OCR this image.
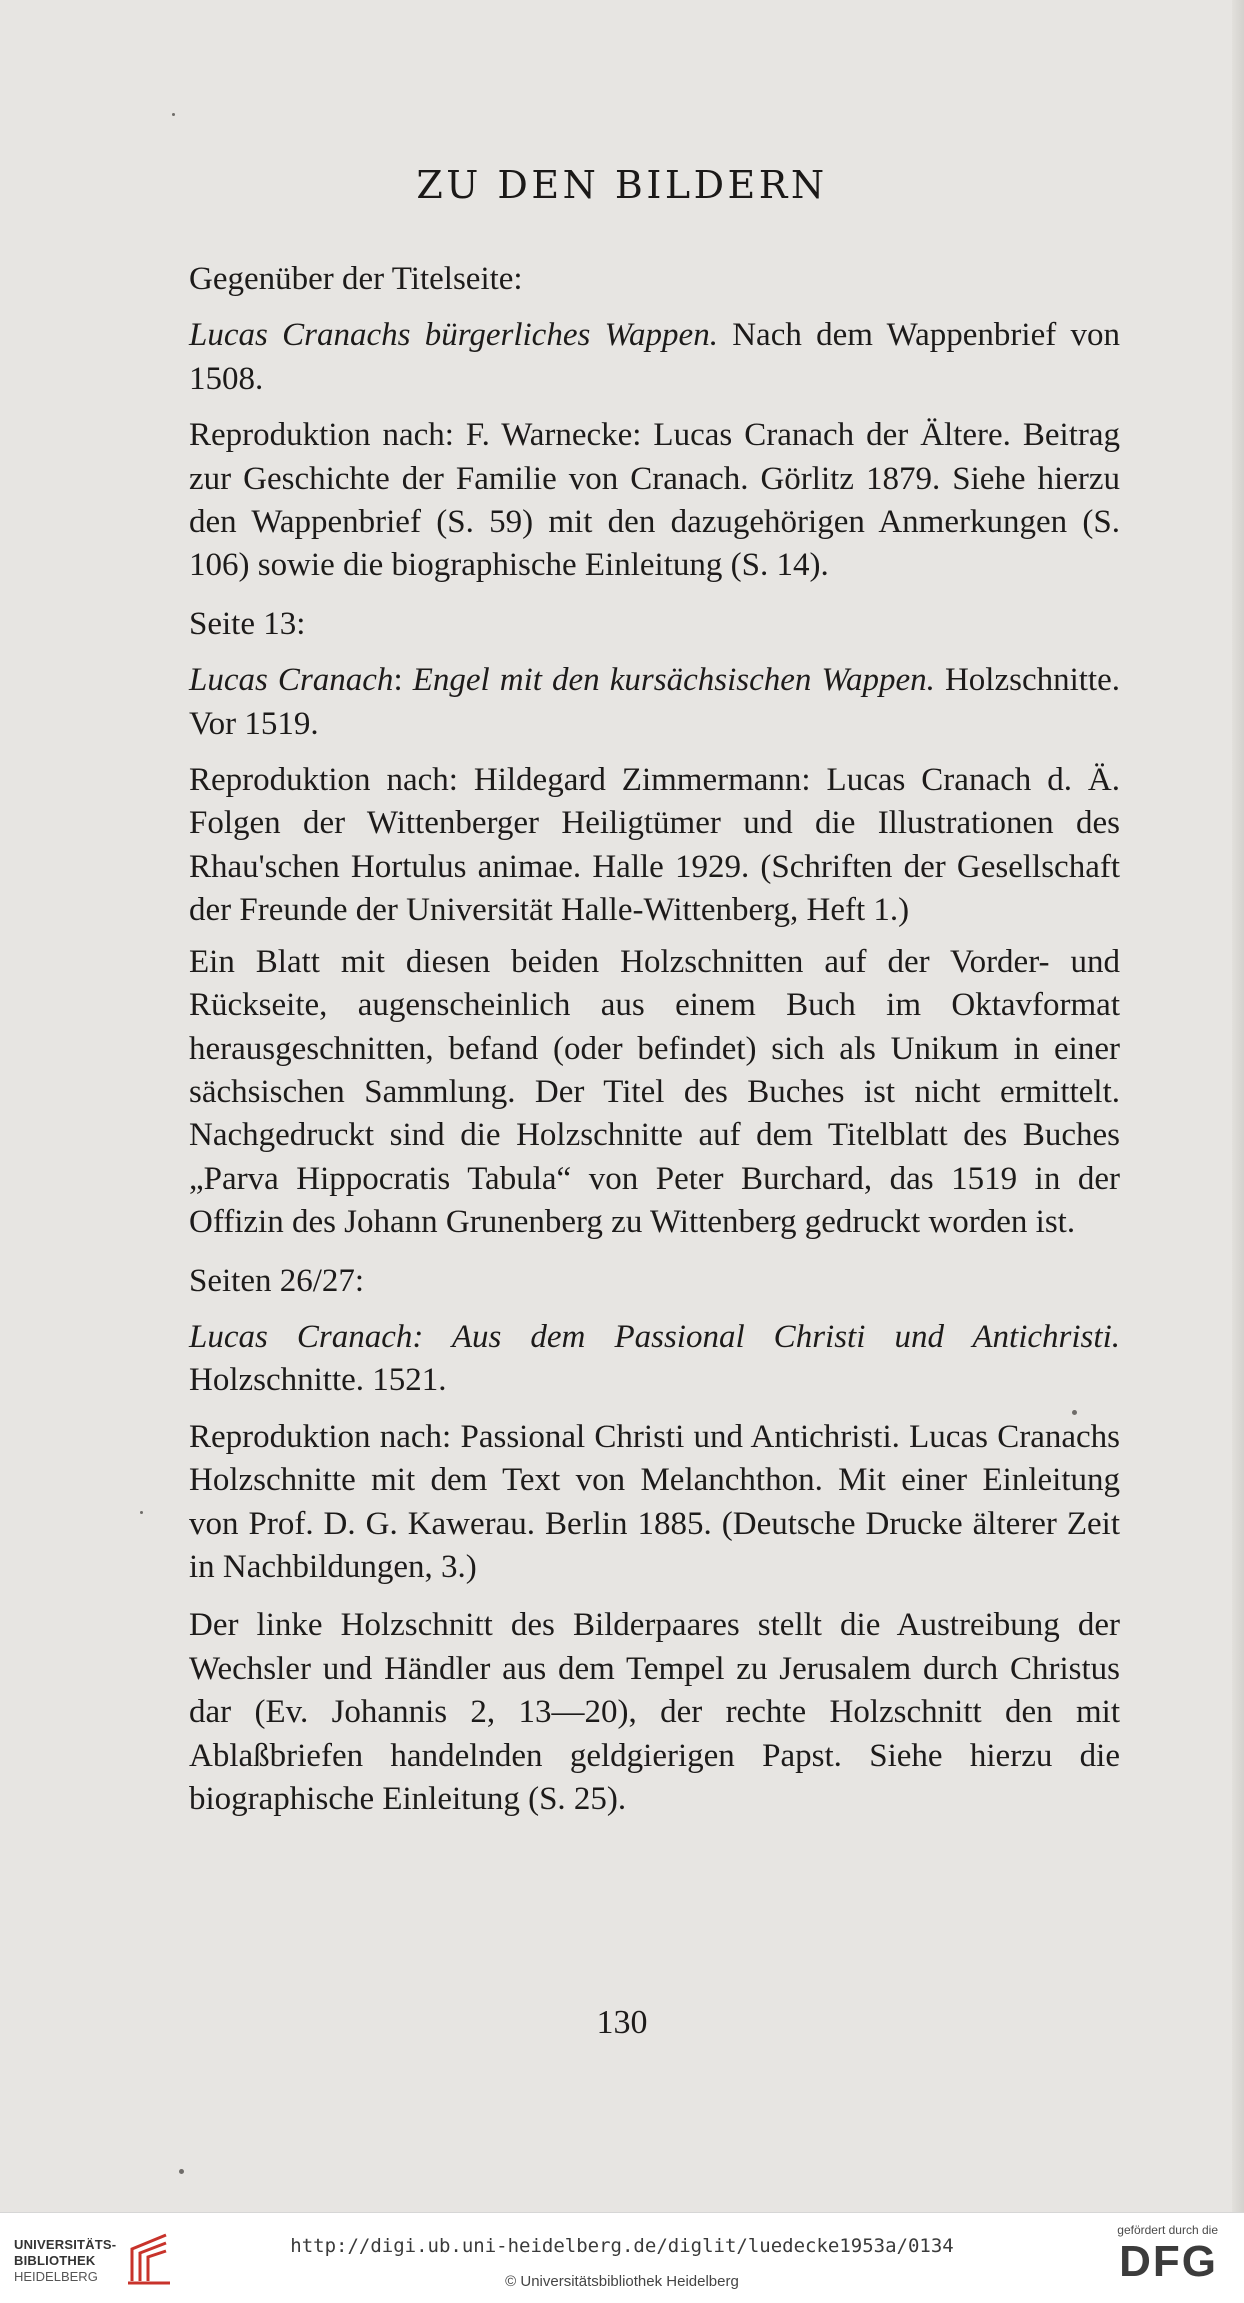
ZU DEN BILDERN

Gegenüber der Titelseite:

Lucas Cranachs bürgerliches Wappen. Nach dem Wappenbrief von 1508.

Reproduktion nach: F. Warnecke: Lucas Cranach der Ältere. Beitrag zur Geschichte der Familie von Cranach. Görlitz 1879. Siehe hierzu den Wappenbrief (S. 59) mit den dazugehörigen Anmerkungen (S. 106) sowie die biographische Einleitung (S. 14).

Seite 13:

Lucas Cranach: Engel mit den kursächsischen Wappen. Holzschnitte. Vor 1519.

Reproduktion nach: Hildegard Zimmermann: Lucas Cranach d. Ä. Folgen der Wittenberger Heiligtümer und die Illustrationen des Rhau'schen Hortulus animae. Halle 1929. (Schriften der Gesellschaft der Freunde der Universität Halle-Wittenberg, Heft 1.)

Ein Blatt mit diesen beiden Holzschnitten auf der Vorder- und Rückseite, augenscheinlich aus einem Buch im Oktavformat herausgeschnitten, befand (oder befindet) sich als Unikum in einer sächsischen Sammlung. Der Titel des Buches ist nicht ermittelt. Nachgedruckt sind die Holzschnitte auf dem Titelblatt des Buches „Parva Hippocratis Tabula“ von Peter Burchard, das 1519 in der Offizin des Johann Grunenberg zu Wittenberg gedruckt worden ist.

Seiten 26/27:

Lucas Cranach: Aus dem Passional Christi und Antichristi. Holzschnitte. 1521.

Reproduktion nach: Passional Christi und Antichristi. Lucas Cranachs Holzschnitte mit dem Text von Melanchthon. Mit einer Einleitung von Prof. D. G. Kawerau. Berlin 1885. (Deutsche Drucke älterer Zeit in Nachbildungen, 3.)

Der linke Holzschnitt des Bilderpaares stellt die Austreibung der Wechsler und Händler aus dem Tempel zu Jerusalem durch Christus dar (Ev. Johannis 2, 13—20), der rechte Holzschnitt den mit Ablaßbriefen handelnden geldgierigen Papst. Siehe hierzu die biographische Einleitung (S. 25).

130
UNIVERSITÄTS-
BIBLIOTHEK
HEIDELBERG
http://digi.ub.uni-heidelberg.de/diglit/luedecke1953a/0134
© Universitätsbibliothek Heidelberg
gefördert durch die
DFG
